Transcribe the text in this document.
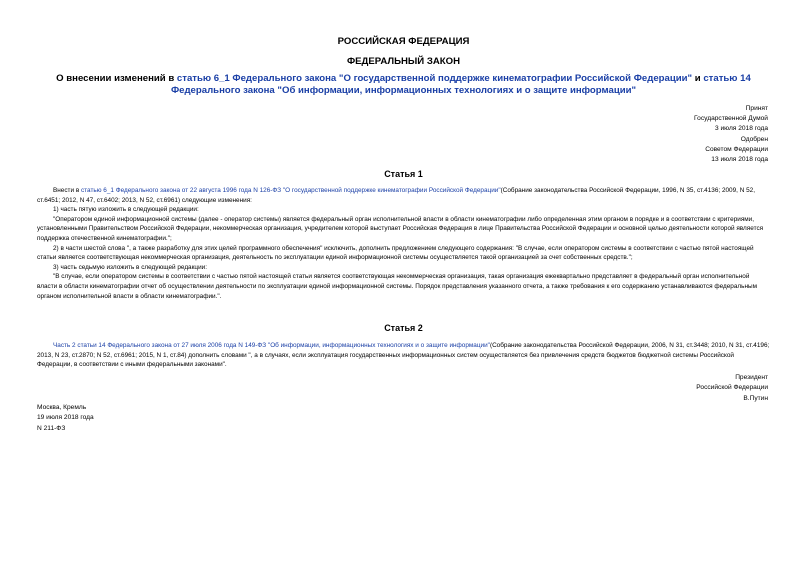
РОССИЙСКАЯ ФЕДЕРАЦИЯ
ФЕДЕРАЛЬНЫЙ ЗАКОН
О внесении изменений в статью 6_1 Федерального закона "О государственной поддержке кинематографии Российской Федерации" и статью 14 Федерального закона "Об информации, информационных технологиях и о защите информации"
Принят
Государственной Думой
3 июля 2018 года
Одобрен
Советом Федерации
13 июля 2018 года
Статья 1

Внести в статью 6_1 Федерального закона от 22 августа 1996 года N 126-ФЗ "О государственной поддержке кинематографии Российской Федерации"(Собрание законодательства Российской Федерации, 1996, N 35, ст.4136; 2009, N 52, ст.6451; 2012, N 47, ст.6402; 2013, N 52, ст.6961) следующие изменения:

1) часть пятую изложить в следующей редакции:

"Оператором единой информационной системы (далее - оператор системы) является федеральный орган исполнительной власти в области кинематографии либо определенная этим органом в порядке и в соответствии с критериями, установленными Правительством Российской Федерации, некоммерческая организация, учредителем которой выступает Российская Федерация в лице Правительства Российской Федерации и основной целью деятельности которой является поддержка отечественной кинематографии.";

2) в части шестой слова ", а также разработку для этих целей программного обеспечения" исключить, дополнить предложением следующего содержания: "В случае, если оператором системы в соответствии с частью пятой настоящей статьи является соответствующая некоммерческая организация, деятельность по эксплуатации единой информационной системы осуществляется такой организацией за счет собственных средств.";

3) часть седьмую изложить в следующей редакции:

"В случае, если оператором системы в соответствии с частью пятой настоящей статьи является соответствующая некоммерческая организация, такая организация ежеквартально представляет в федеральный орган исполнительной власти в области кинематографии отчет об осуществлении деятельности по эксплуатации единой информационной системы. Порядок представления указанного отчета, а также требования к его содержанию устанавливаются федеральным органом исполнительной власти в области кинематографии.".

Статья 2

Часть 2 статьи 14 Федерального закона от 27 июля 2006 года N 149-ФЗ "Об информации, информационных технологиях и о защите информации"(Собрание законодательства Российской Федерации, 2006, N 31, ст.3448; 2010, N 31, ст.4196; 2013, N 23, ст.2870; N 52, ст.6961; 2015, N 1, ст.84) дополнить словами ", а в случаях, если эксплуатация государственных информационных систем осуществляется без привлечения средств бюджетов бюджетной системы Российской Федерации, в соответствии с иными федеральными законами".

Президент
Российской Федерации
В.Путин
Москва, Кремль
19 июля 2018 года
N 211-ФЗ
